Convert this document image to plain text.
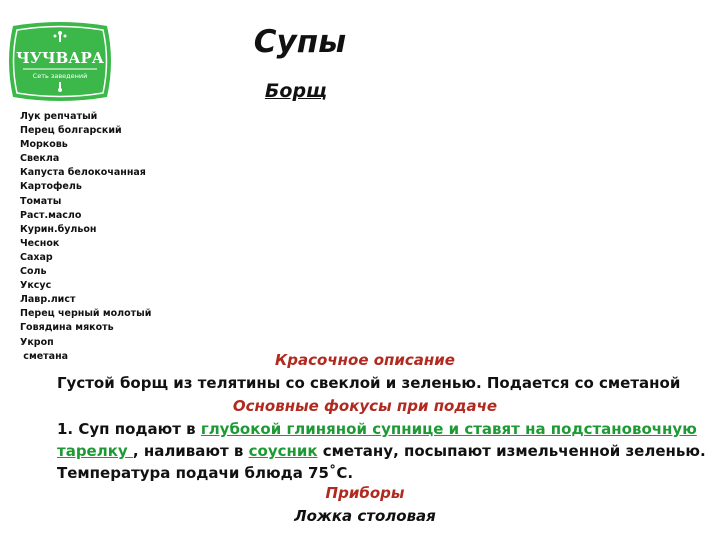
ЧУЧВАРА
Сеть заведений
Супы
Борщ
Лук репчатый
Перец болгарский
Морковь
Свекла
Капуста белокочанная
Картофель
Томаты
Раст.масло
Курин.бульон
Чеснок
Сахар
Соль
Уксус
Лавр.лист
Перец черный молотый
Говядина мякоть
Укроп
сметана	Красочное описание
Густой борщ из телятины со свеклой и зеленью. Подается со сметаной
Основные фокусы при подаче
1. Суп подают в глубокой глиняной супнице и ставят на подстановочную
тарелку , наливают в соусник сметану, посыпают измельченной зеленью.
Температура подачи блюда 75˚С.
Приборы
Ложка столовая
